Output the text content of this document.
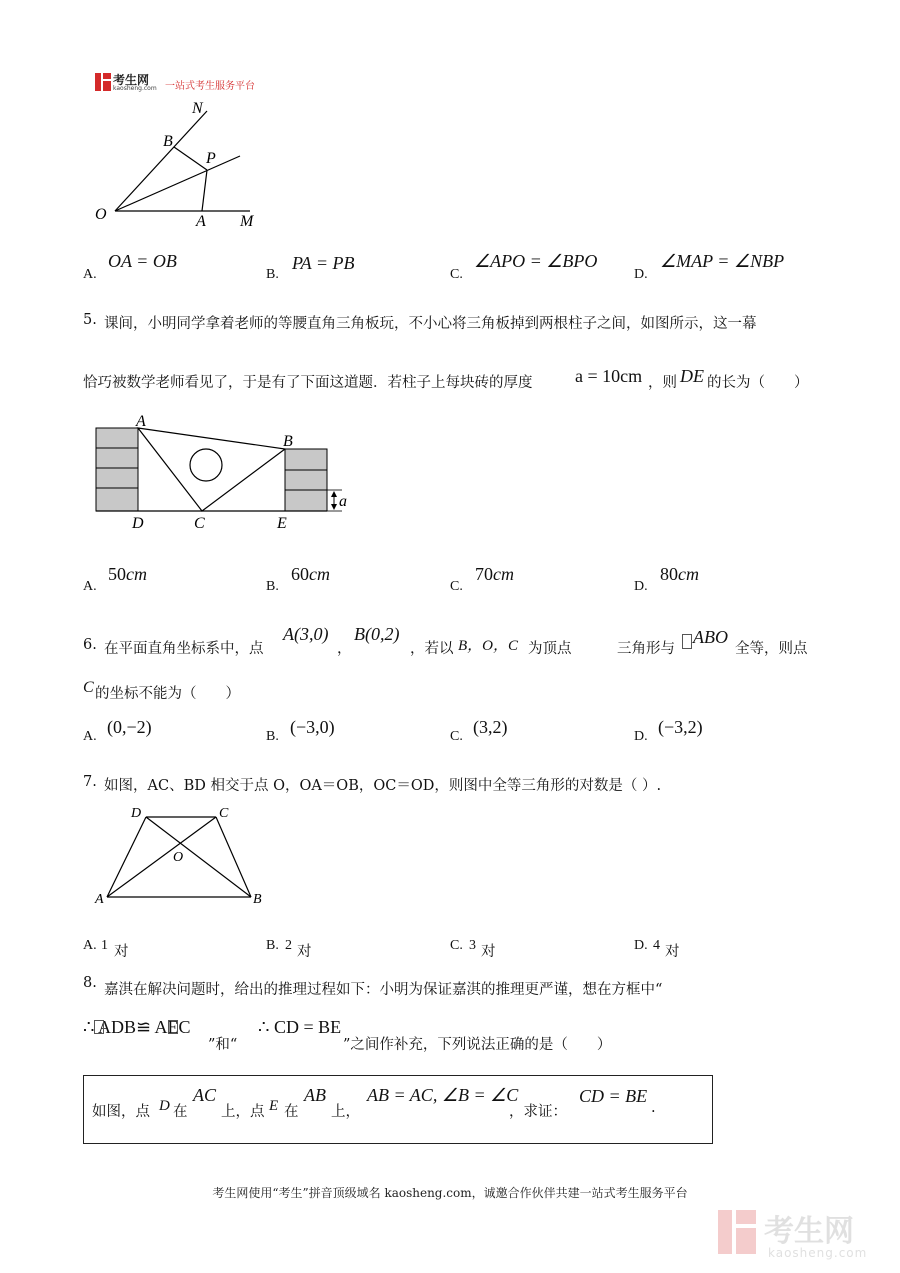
考生网
kaosheng.com 一站式考生服务平台
N
B
P
O	A M
A.
OA = OB
B.
PA = PB
C.
∠APO = ∠BPO
D.
∠MAP = ∠NBP
5. 课间，小明同学拿着老师的等腰直角三角板玩，不小心将三角板掉到两根柱子之间，如图所示，这一幕
恰巧被数学老师看见了，于是有了下面这道题．若柱子上每块砖的厚度 a = 10cm ，则 DE 的长为（　　）
A
B
D	C	E
a
A.
50 cm
B.
60 cm
C.
70 cm
D.
80 cm
6. 在平面直角坐标系中，点
A(3,0)
，
B(0,2)
，若以 B，O，C 为顶点	三角形与
ABO
全等，则点
C 的坐标不能为（　　）
A. (0,−2)	B. (−3,0)	C. (3,2)	D. (−3,2)
7. 如图，AC、BD 相交于点 O，OA＝OB，OC＝OD，则图中全等三角形的对数是（ ）.
D	C
O
A	B
A. 1 对	B. 2 对	C. 3 对	D. 4 对
8. 嘉淇在解决问题时，给出的推理过程如下：小明为保证嘉淇的推理更严谨，想在方框中“
∴ ADB≌ AEC
”和“
∴ CD = BE
”之间作补充，下列说法正确的是（　　）
如图，点 D 在
AC
上，点 E 在
AB
上，
AB = AC, ∠B = ∠C
，求证：
CD = BE
.
考生网使用“考生”拼音顶级域名 kaosheng.com，诚邀合作伙伴共建一站式考生服务平台
考生网
kaosheng.com
